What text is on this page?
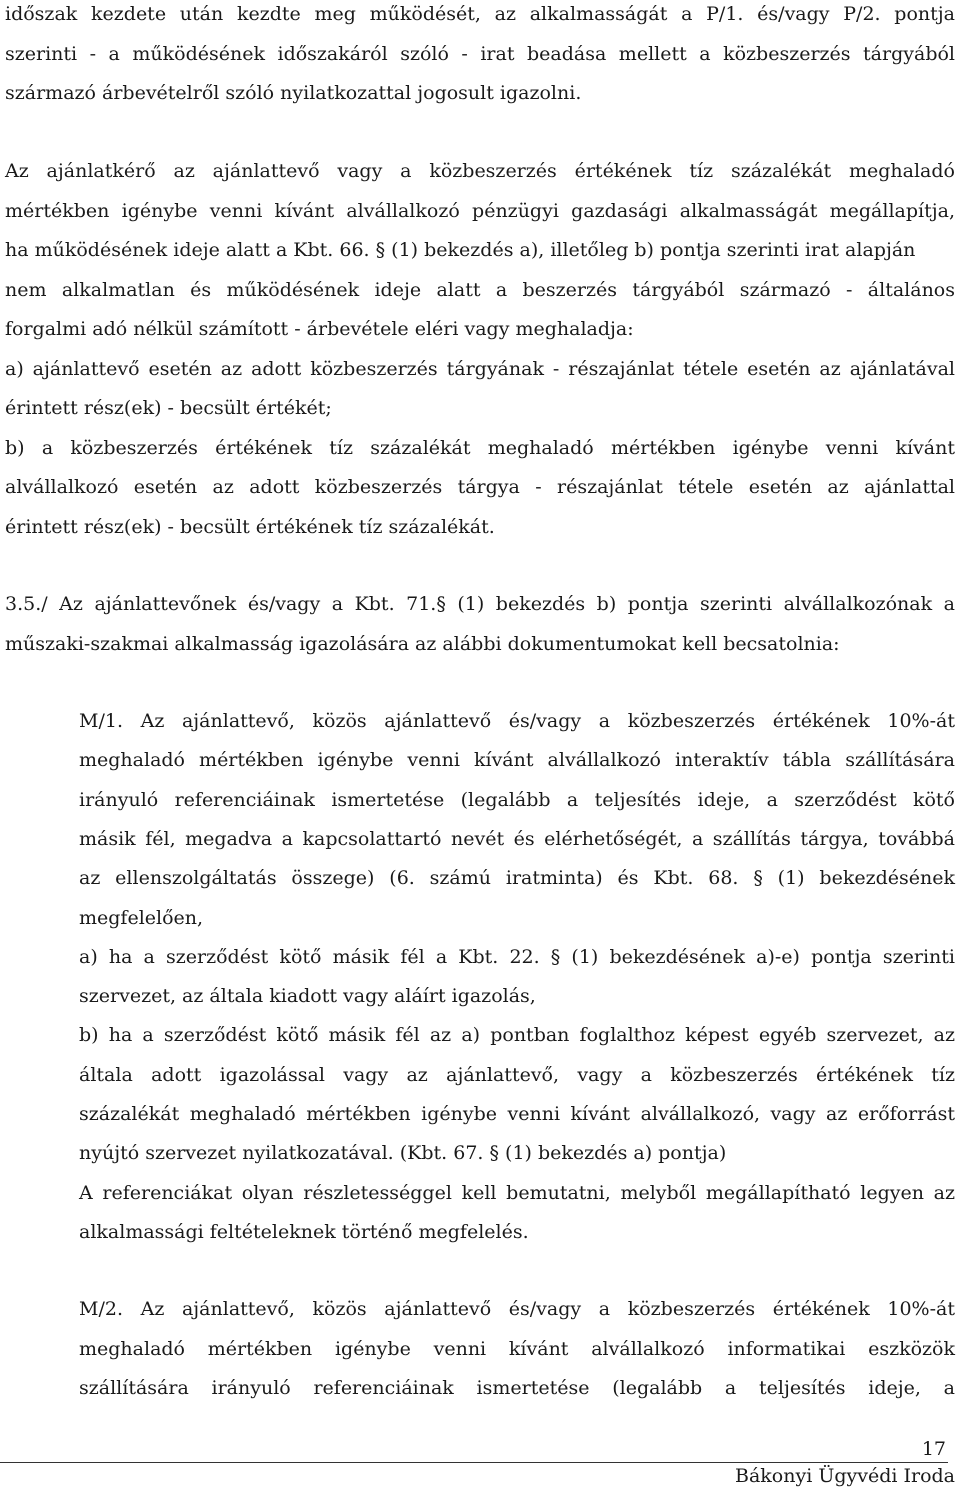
időszak kezdete után kezdte meg működését, az alkalmasságát a P/1. és/vagy P/2. pontja
szerinti - a működésének időszakáról szóló - irat beadása mellett a közbeszerzés tárgyából
származó árbevételről szóló nyilatkozattal jogosult igazolni.
Az ajánlatkérő az ajánlattevő vagy a közbeszerzés értékének tíz százalékát meghaladó
mértékben igénybe venni kívánt alvállalkozó pénzügyi gazdasági alkalmasságát megállapítja,
ha működésének ideje alatt a Kbt. 66. § (1) bekezdés a), illetőleg b) pontja szerinti irat alapján
nem alkalmatlan és működésének ideje alatt a beszerzés tárgyából származó - általános
forgalmi adó nélkül számított - árbevétele eléri vagy meghaladja:
a) ajánlattevő esetén az adott közbeszerzés tárgyának - részajánlat tétele esetén az ajánlatával
érintett rész(ek) - becsült értékét;
b) a közbeszerzés értékének tíz százalékát meghaladó mértékben igénybe venni kívánt
alvállalkozó esetén az adott közbeszerzés tárgya - részajánlat tétele esetén az ajánlattal
érintett rész(ek) - becsült értékének tíz százalékát.
3.5./ Az ajánlattevőnek és/vagy a Kbt. 71.§ (1) bekezdés b) pontja szerinti alvállalkozónak a
műszaki-szakmai alkalmasság igazolására az alábbi dokumentumokat kell becsatolnia:
M/1. Az ajánlattevő, közös ajánlattevő és/vagy a közbeszerzés értékének 10%-át
meghaladó mértékben igénybe venni kívánt alvállalkozó interaktív tábla szállítására
irányuló referenciáinak ismertetése (legalább a teljesítés ideje, a szerződést kötő
másik fél, megadva a kapcsolattartó nevét és elérhetőségét, a szállítás tárgya, továbbá
az ellenszolgáltatás összege) (6. számú iratminta) és Kbt. 68. § (1) bekezdésének
megfelelően,
a) ha a szerződést kötő másik fél a Kbt. 22. § (1) bekezdésének a)-e) pontja szerinti
szervezet, az általa kiadott vagy aláírt igazolás,
b) ha a szerződést kötő másik fél az a) pontban foglalthoz képest egyéb szervezet, az
általa adott igazolással vagy az ajánlattevő, vagy a közbeszerzés értékének tíz
százalékát meghaladó mértékben igénybe venni kívánt alvállalkozó, vagy az erőforrást
nyújtó szervezet nyilatkozatával. (Kbt. 67. § (1) bekezdés a) pontja)
A referenciákat olyan részletességgel kell bemutatni, melyből megállapítható legyen az
alkalmassági feltételeknek történő megfelelés.
M/2. Az ajánlattevő, közös ajánlattevő és/vagy a közbeszerzés értékének 10%-át
meghaladó mértékben igénybe venni kívánt alvállalkozó informatikai eszközök
szállítására irányuló referenciáinak ismertetése (legalább a teljesítés ideje, a
17
Bákonyi Ügyvédi Iroda
